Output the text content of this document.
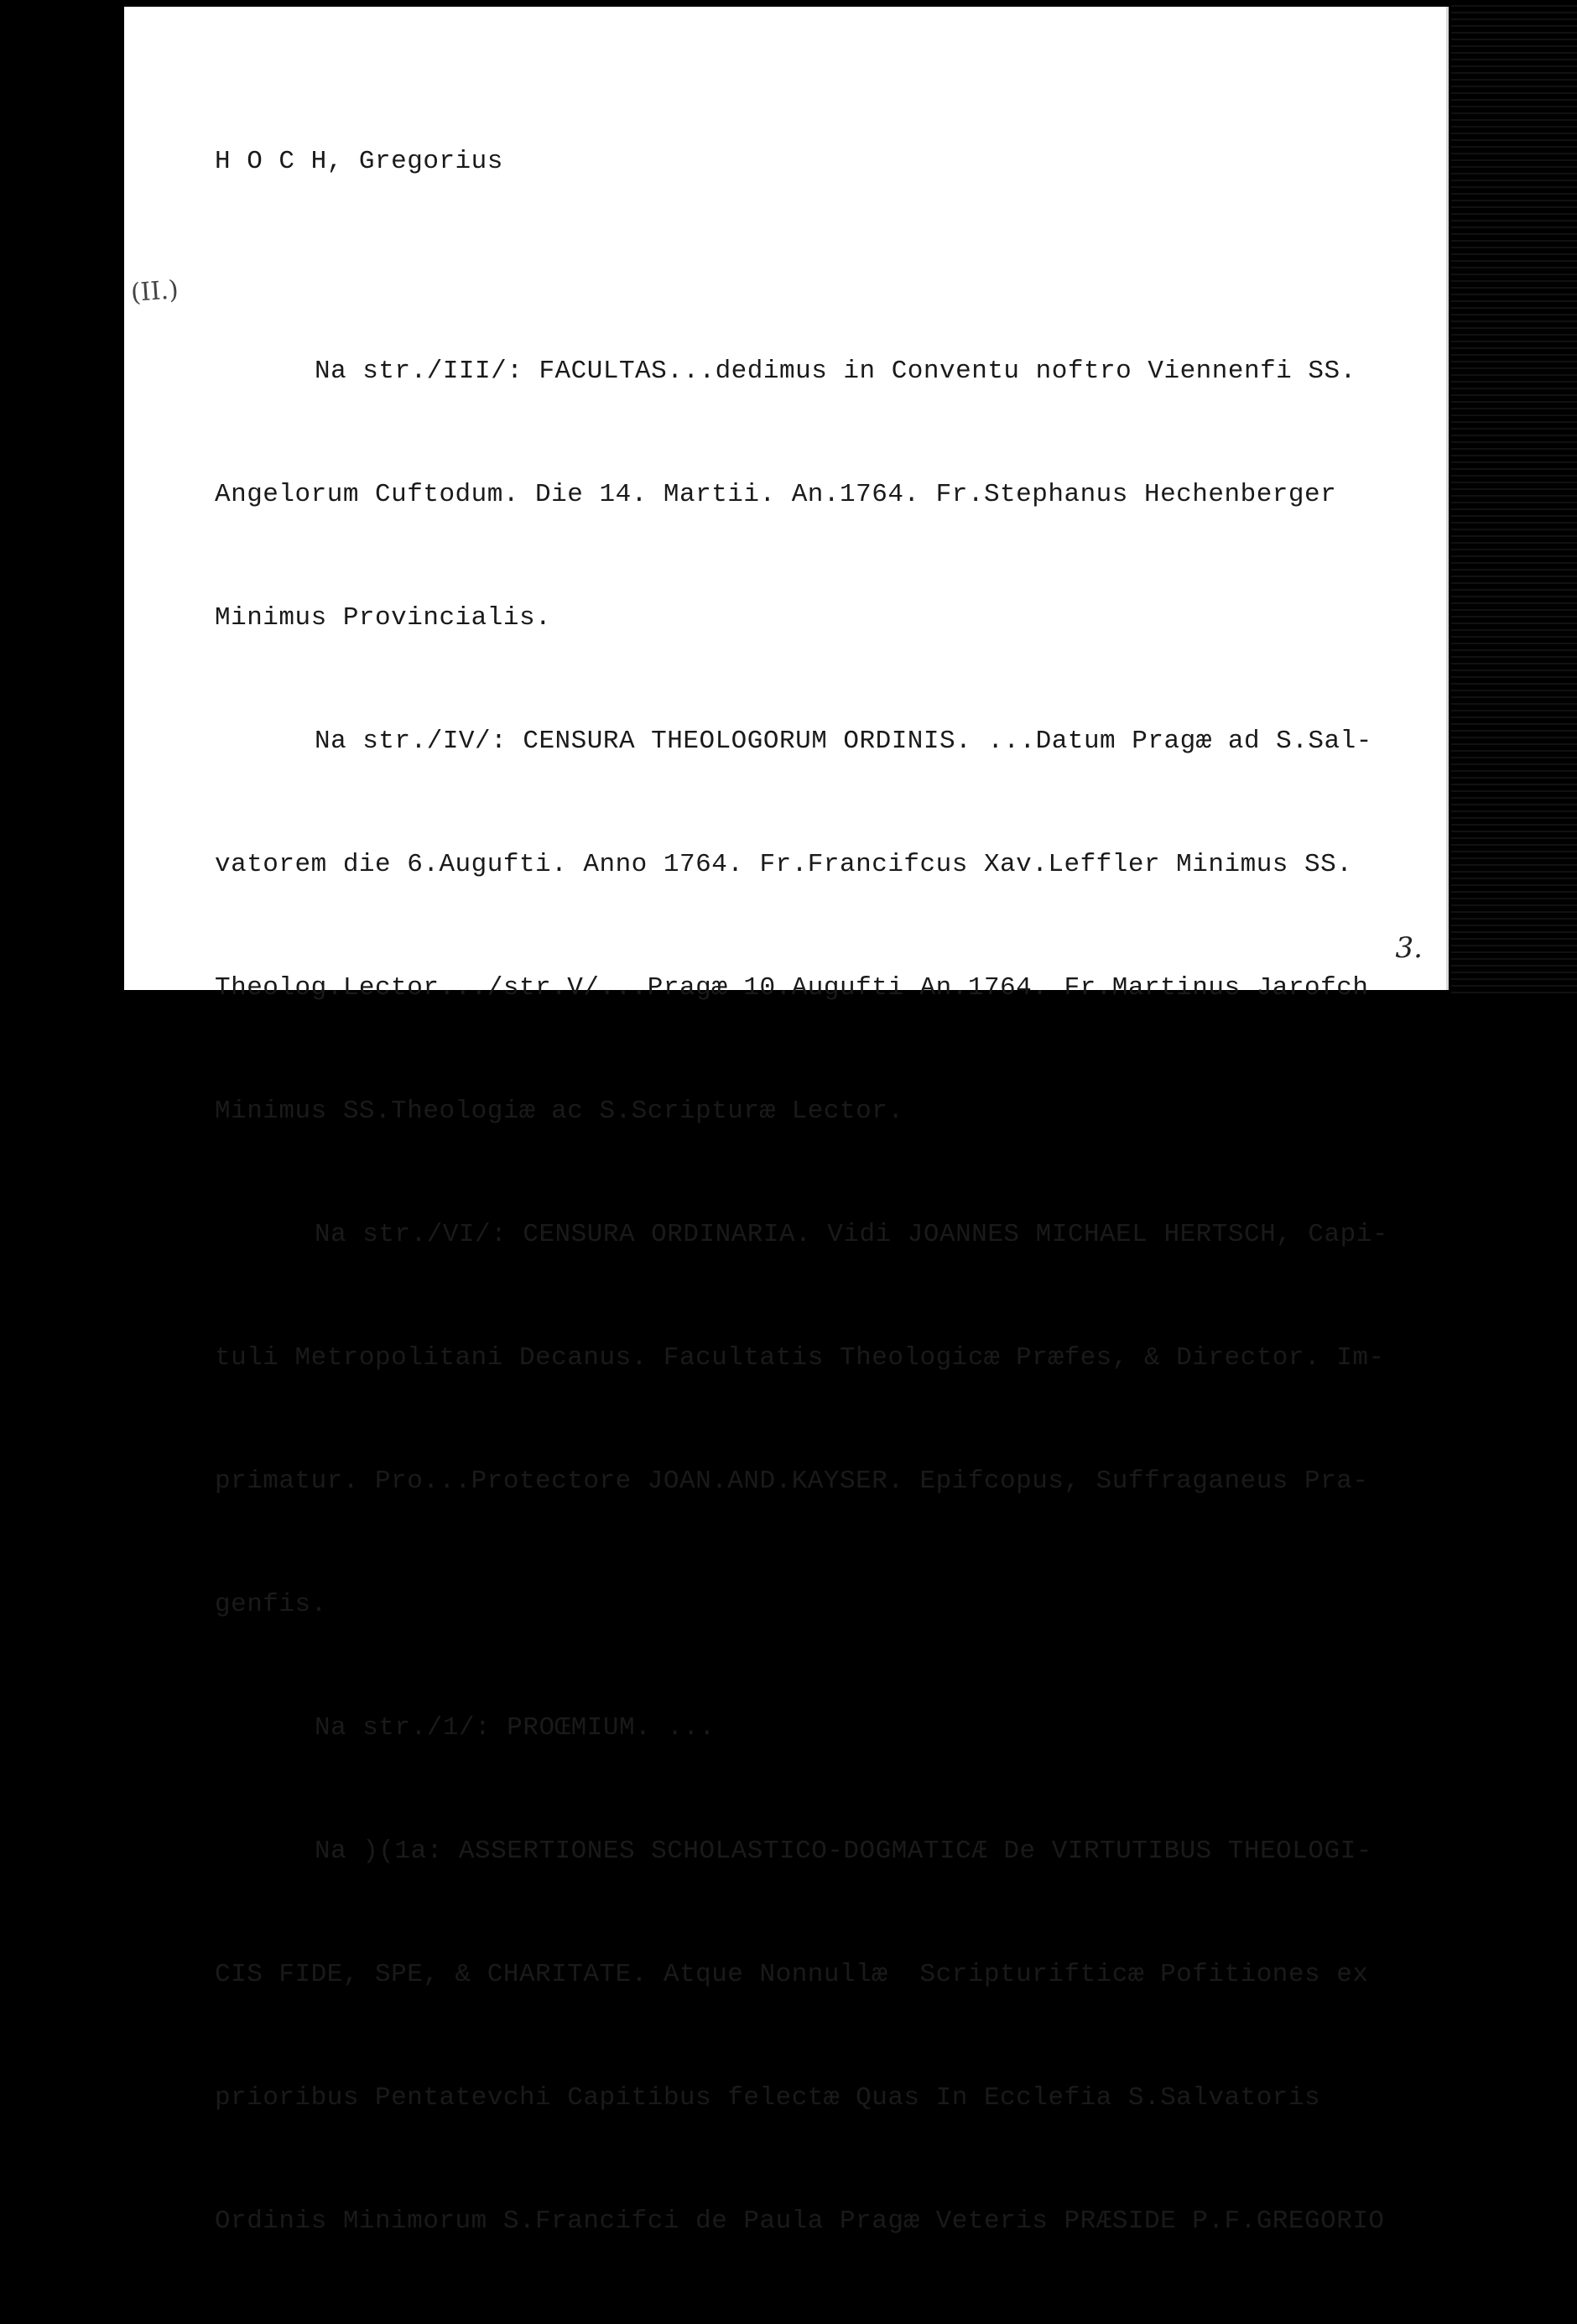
H O C H, Gregorius
(II.)

Na str./III/: FACULTAS...dedimus in Conventu noftro Viennenfi SS.

Angelorum Cuftodum. Die 14. Martii. An.1764. Fr.Stephanus Hechenberger

Minimus Provincialis.

Na str./IV/: CENSURA THEOLOGORUM ORDINIS. ...Datum Pragæ ad S.Sal-

vatorem die 6.Augufti. Anno 1764. Fr.Francifcus Xav.Leffler Minimus SS.

Theolog.Lector.../str.V/...Pragæ 10.Augufti An.1764. Fr.Martinus Jarofch

Minimus SS.Theologiæ ac S.Scripturæ Lector.

Na str./VI/: CENSURA ORDINARIA. Vidi JOANNES MICHAEL HERTSCH, Capi-

tuli Metropolitani Decanus. Facultatis Theologicæ Præfes, & Director. Im-

primatur. Pro...Protectore JOAN.AND.KAYSER. Epifcopus, Suffraganeus Pra-

genfis.

Na str./1/: PROŒMIUM. ...

Na )(1a: ASSERTIONES SCHOLASTICO-DOGMATICÆ De VIRTUTIBUS THEOLOGI-

CIS FIDE, SPE, & CHARITATE. Atque Nonnullæ  Scripturifticæ Pofitiones ex

prioribus Pentatevchi Capitibus felectæ Quas In Ecclefia S.Salvatoris

Ordinis Minimorum S.Francifci de Paula Pragæ Veteris PRÆSIDE P.F.GREGORIO

3.
